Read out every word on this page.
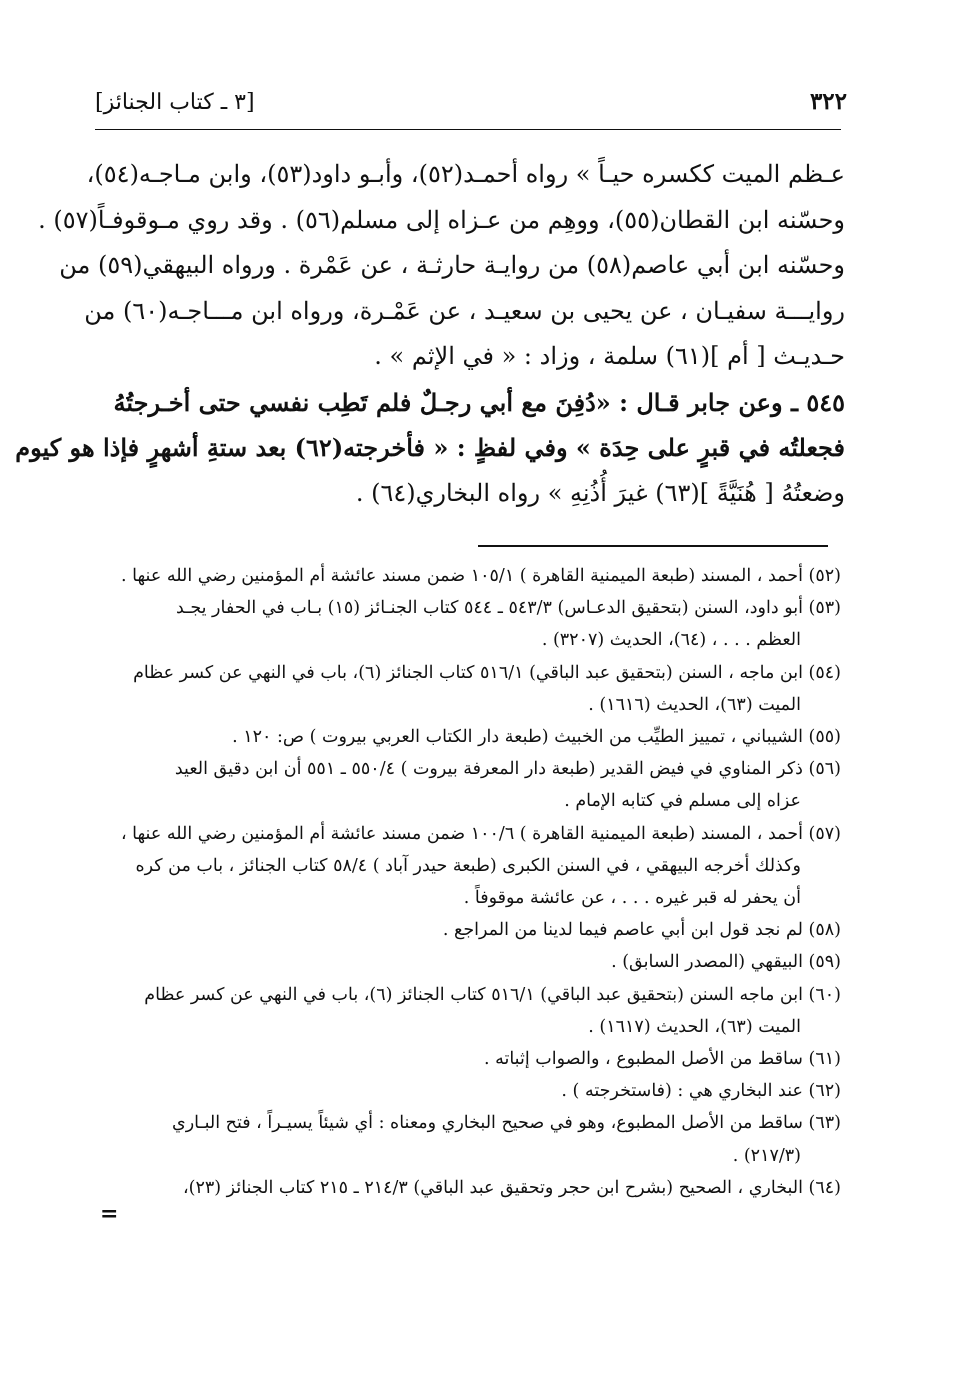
٣٢٢
[٣ ـ كتاب الجنائز]
عـظم الميت ككسره حيـاً » رواه أحمـد(٥٢)، وأبـو داود(٥٣)، وابن مـاجـه(٥٤)،
وحسّنه ابن القطان(٥٥)، ووهِم من عـزاه إلى مسلم(٥٦) . وقد روي مـوقوفـاً(٥٧) .
وحسّنه ابن أبي عاصم(٥٨) من روايـة حارثـة ، عن عَمْرة . ورواه البيهقي(٥٩) من
روايـــة سفيـان ، عن يحيى بن سعيـد ، عن عَمْـرة، ورواه ابن مـــاجـه(٦٠) من
حـديـث [ أم ](٦١) سلمة ، وزاد : « في الإثم » .
٥٤٥ ـ وعن جابر قـال : «دُفِنَ مع أبي رجـلٌ فلم تَطِب نفسي حتى أخـرجتُهُ
فجعلتُه في قبرٍ على حِدَة » وفي لفظٍ : « فأخرجته(٦٢) بعد ستةِ أشهرٍ فإذا هو كيوم
وضعتُهُ [ هُنَيَّةً ](٦٣) غيرَ أُذُنِهِ » رواه البخاري(٦٤) .
(٥٢) أحمد ، المسند (طبعة الميمنية القاهرة ) ١٠٥/١ ضمن مسند عائشة أم المؤمنين رضي الله عنها .
(٥٣) أبو داود، السنن (بتحقيق الدعـاس) ٥٤٣/٣ ـ ٥٤٤ كتاب الجنـائز (١٥) بـاب في الحفار يجـد
العظم . . . ، (٦٤)، الحديث (٣٢٠٧) .
(٥٤) ابن ماجه ، السنن (بتحقيق عبد الباقي) ٥١٦/١ كتاب الجنائز (٦)، باب في النهي عن كسر عظام
الميت (٦٣)، الحديث (١٦١٦) .
(٥٥) الشيباني ، تمييز الطيِّب من الخبيث (طبعة دار الكتاب العربي بيروت ) ص: ١٢٠ .
(٥٦) ذكر المناوي في فيض القدير (طبعة دار المعرفة بيروت ) ٥٥٠/٤ ـ ٥٥١ أن ابن دقيق العيد
عزاه إلى مسلم في كتابه الإمام .
(٥٧) أحمد ، المسند (طبعة الميمنية القاهرة ) ١٠٠/٦ ضمن مسند عائشة أم المؤمنين رضي الله عنها ،
وكذلك أخرجه البيهقي ، في السنن الكبرى (طبعة حيدر آباد ) ٥٨/٤ كتاب الجنائز ، باب من كره
أن يحفر له قبر غيره . . . ، عن عائشة موقوفاً .
(٥٨) لم نجد قول ابن أبي عاصم فيما لدينا من المراجع .
(٥٩) البيقهي (المصدر السابق) .
(٦٠) ابن ماجه السنن (بتحقيق عبد الباقي) ٥١٦/١ كتاب الجنائز (٦)، باب في النهي عن كسر عظام
الميت (٦٣)، الحديث (١٦١٧) .
(٦١) ساقط من الأصل المطبوع ، والصواب إثباته .
(٦٢) عند البخاري هي : (فاستخرجته ) .
(٦٣) ساقط من الأصل المطبوع، وهو في صحيح البخاري ومعناه : أي شيئاً يسيـراً ، فتح البـاري
(٢١٧/٣) .
(٦٤) البخاري ، الصحيح (بشرح ابن حجر وتحقيق عبد الباقي) ٢١٤/٣ ـ ٢١٥ كتاب الجنائز (٢٣)،
=
